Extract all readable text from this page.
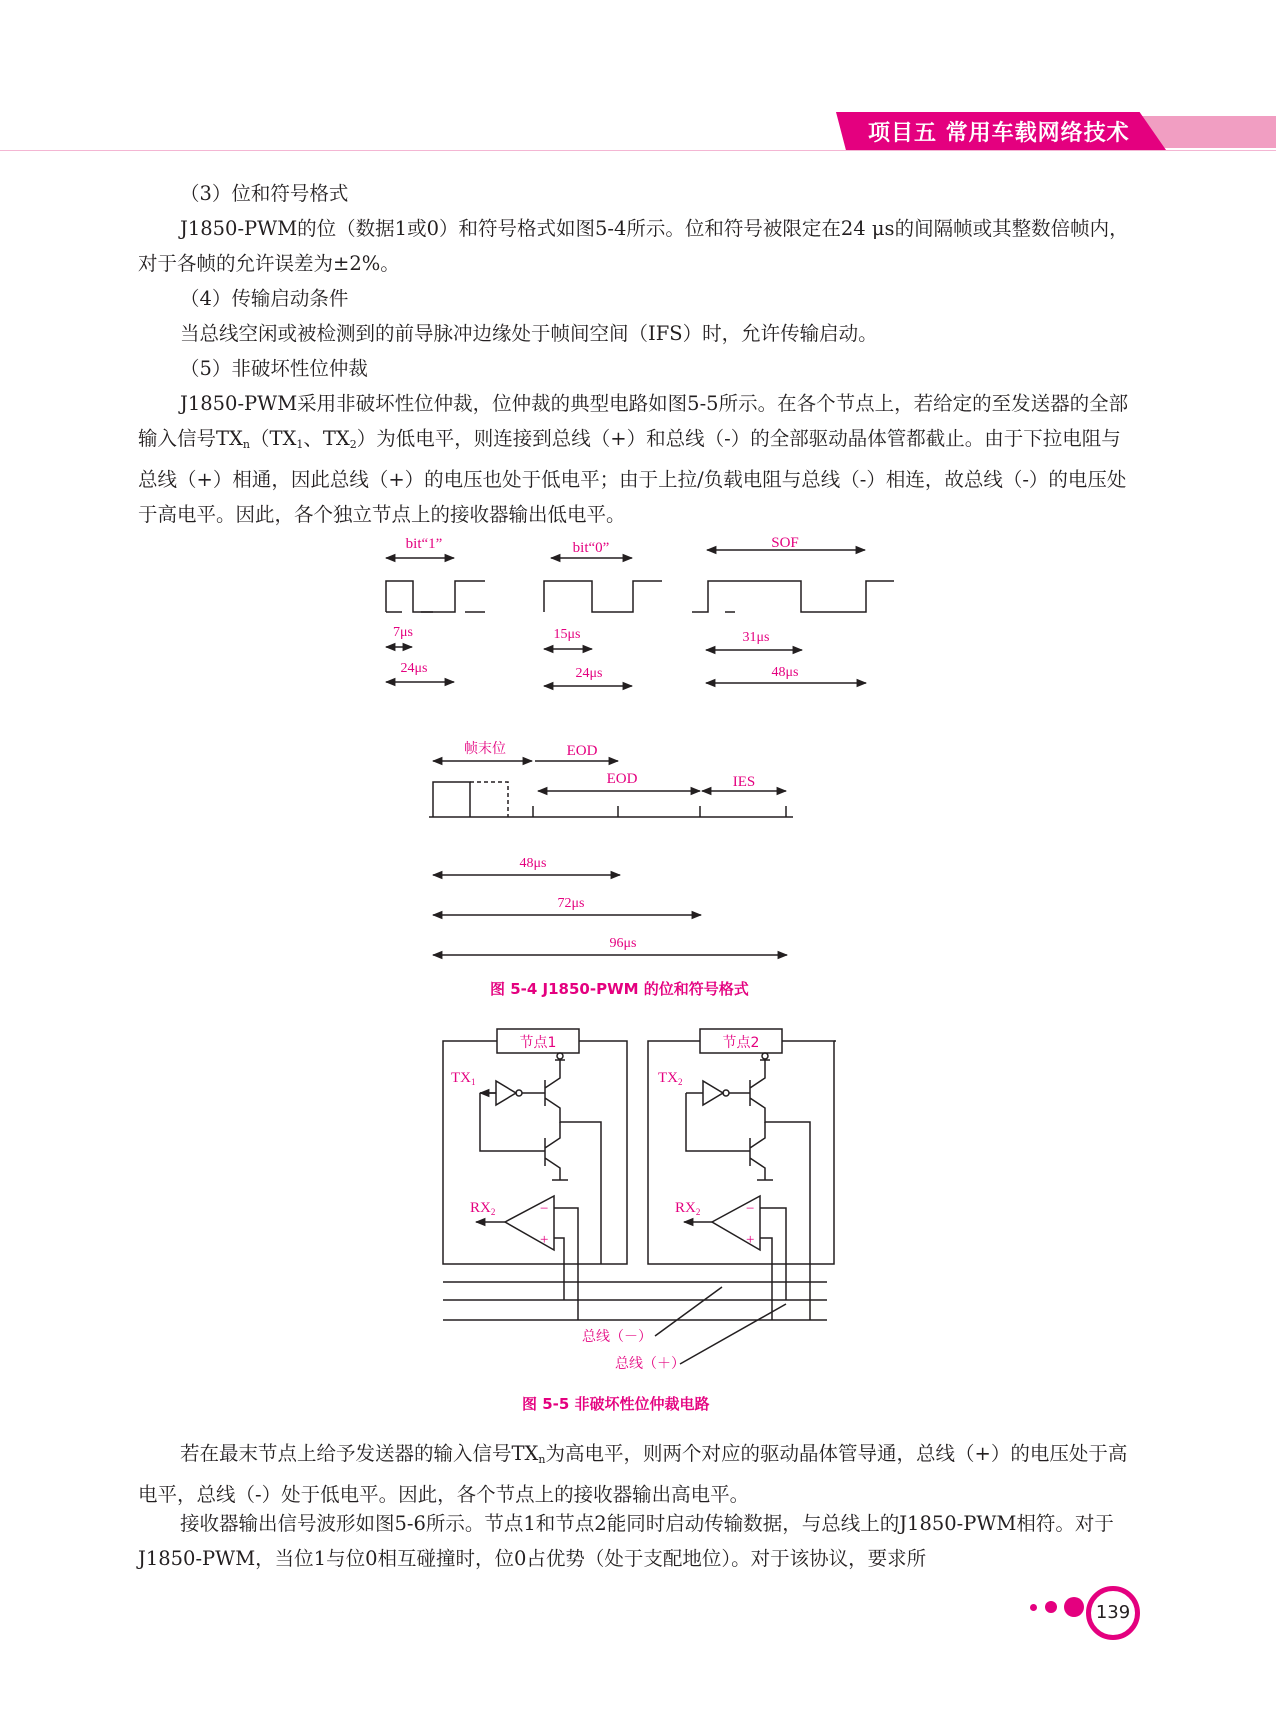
项目五 常用车载网络技术

（3）位和符号格式

J1850-PWM的位（数据1或0）和符号格式如图5-4所示。位和符号被限定在24 μs的间隔帧或其整数倍帧内，对于各帧的允许误差为±2%。

（4）传输启动条件

当总线空闲或被检测到的前导脉冲边缘处于帧间空间（IFS）时，允许传输启动。

（5）非破坏性位仲裁

J1850-PWM采用非破坏性位仲裁，位仲裁的典型电路如图5-5所示。在各个节点上，若给定的至发送器的全部输入信号$TX_n(TX_1$、$TX_2$）为低电平，则连接到总线（+）和总线（-）的全部驱动晶体管都截止。由于下拉电阻与总线（+）相通，因此总线（+）的电压也处于低电平；由于上拉/负载电阻与总线（-）相连，故总线（-）的电压处于高电平。因此，各个独立节点上的接收器输出低电平。

bit“1”	bit“0”	SOF
7μs	15μs	31μs
24μs	24μs	48μs
帧末位	EOD
EOD	IES
48μs
72μs
96μs
图 5-4 J1850-PWM 的位和符号格式
节点1	节点2
$TX_1$	$TX_2$
$RX_2$	$RX_2$
−
+
−
+
总线（－）
总线（＋）
图 5-5 非破坏性位仲裁电路

若在最末节点上给予发送器的输入信号$TX_n$为高电平，则两个对应的驱动晶体管导通，总线（+）的电压处于高电平，总线（-）处于低电平。因此，各个节点上的接收器输出高电平。

接收器输出信号波形如图5-6所示。节点1和节点2能同时启动传输数据，与总线上的J1850-PWM相符。对于J1850-PWM，当位1与位0相互碰撞时，位0占优势（处于支配地位）。对于该协议，要求所

139
